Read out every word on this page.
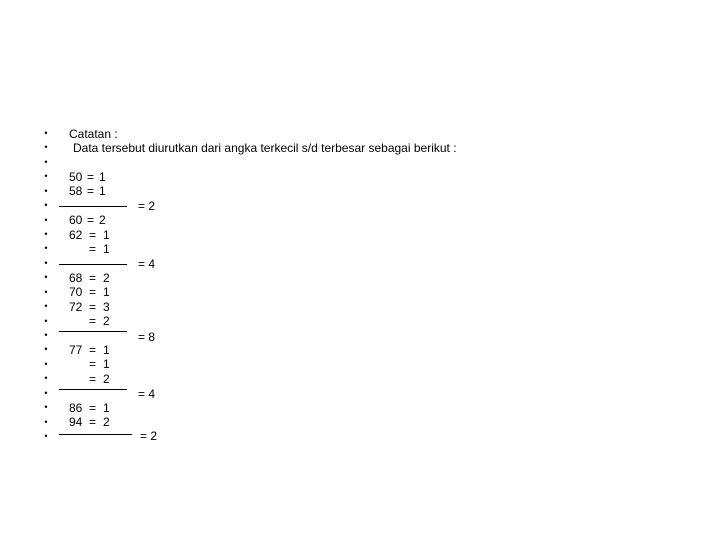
•
•
•
•
•
•
•
•
•
•
•
•
•
•
•
•
•
•
•
•
•
•
Catatan :
Data tersebut diurutkan dari angka terkecil s/d terbesar sebagai berikut :
50 = 1
58 = 1
= 2
60 = 2
62 = 1
= 1
= 4
68 = 2
70 = 1
72 = 3
= 2
= 8
77 = 1
= 1
= 2
= 4
86 = 1
94 = 2
= 2
